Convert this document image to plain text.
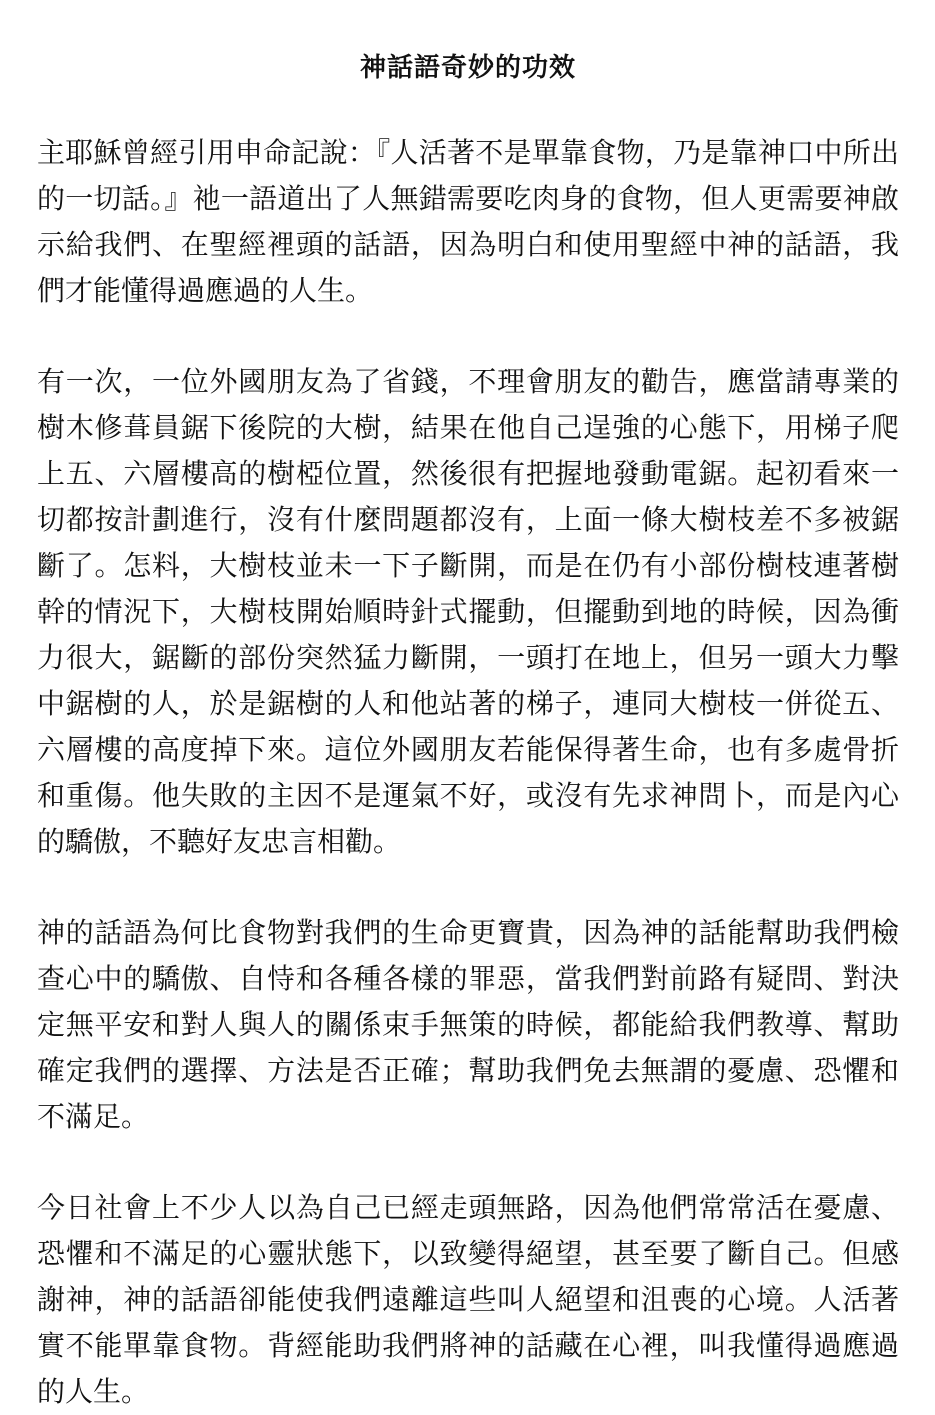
神話語奇妙的功效

主耶穌曾經引用申命記說：『人活著不是單靠食物，乃是靠神口中所出的一切話。』祂一語道出了人無錯需要吃肉身的食物，但人更需要神啟示給我們、在聖經裡頭的話語，因為明白和使用聖經中神的話語，我們才能懂得過應過的人生。

有一次，一位外國朋友為了省錢，不理會朋友的勸告，應當請專業的樹木修葺員鋸下後院的大樹，結果在他自己逞強的心態下，用梯子爬上五、六層樓高的樹椏位置，然後很有把握地發動電鋸。起初看來一切都按計劃進行，沒有什麼問題都沒有，上面一條大樹枝差不多被鋸斷了。怎料，大樹枝並未一下子斷開，而是在仍有小部份樹枝連著樹幹的情況下，大樹枝開始順時針式擺動，但擺動到地的時候，因為衝力很大，鋸斷的部份突然猛力斷開，一頭打在地上，但另一頭大力擊中鋸樹的人，於是鋸樹的人和他站著的梯子，連同大樹枝一併從五、六層樓的高度掉下來。這位外國朋友若能保得著生命，也有多處骨折和重傷。他失敗的主因不是運氣不好，或沒有先求神問卜，而是內心的驕傲，不聽好友忠言相勸。

神的話語為何比食物對我們的生命更寶貴，因為神的話能幫助我們檢查心中的驕傲、自恃和各種各樣的罪惡，當我們對前路有疑問、對決定無平安和對人與人的關係束手無策的時候，都能給我們教導、幫助確定我們的選擇、方法是否正確；幫助我們免去無謂的憂慮、恐懼和不滿足。

今日社會上不少人以為自己已經走頭無路，因為他們常常活在憂慮、恐懼和不滿足的心靈狀態下，以致變得絕望，甚至要了斷自己。但感謝神，神的話語卻能使我們遠離這些叫人絕望和沮喪的心境。人活著實不能單靠食物。背經能助我們將神的話藏在心裡，叫我懂得過應過的人生。
